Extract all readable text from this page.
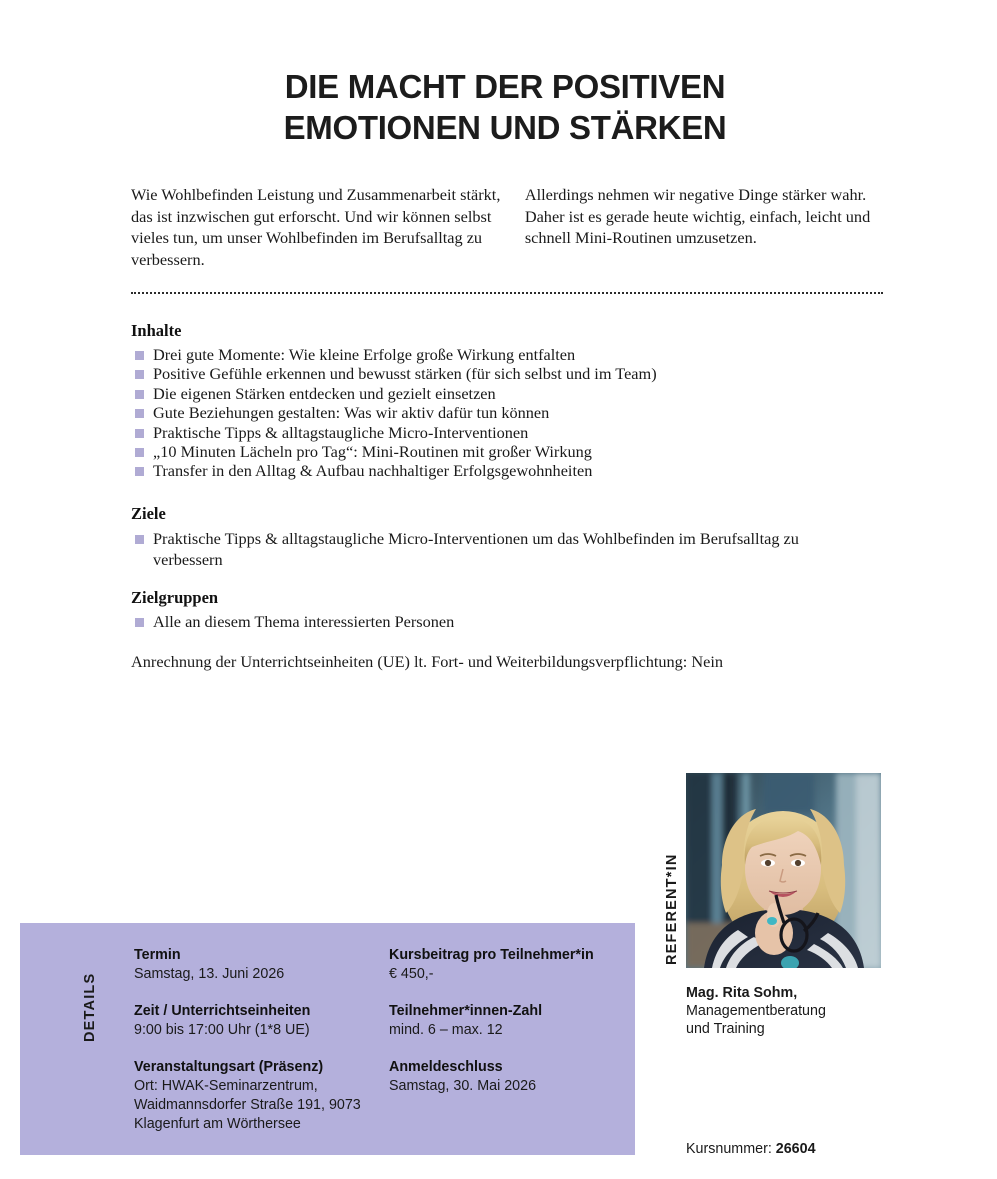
DIE MACHT DER POSITIVEN
EMOTIONEN UND STÄRKEN
Wie Wohlbefinden Leistung und Zusammenarbeit stärkt, das ist inzwischen gut erforscht. Und wir können selbst vieles tun, um unser Wohlbefinden im Berufsalltag zu verbessern.
Allerdings nehmen wir negative Dinge stärker wahr. Daher ist es gerade heute wichtig, einfach, leicht und schnell Mini-Routinen umzusetzen.
Inhalte
Drei gute Momente: Wie kleine Erfolge große Wirkung entfalten
Positive Gefühle erkennen und bewusst stärken (für sich selbst und im Team)
Die eigenen Stärken entdecken und gezielt einsetzen
Gute Beziehungen gestalten: Was wir aktiv dafür tun können
Praktische Tipps & alltagstaugliche Micro-Interventionen
„10 Minuten Lächeln pro Tag“: Mini-Routinen mit großer Wirkung
Transfer in den Alltag & Aufbau nachhaltiger Erfolgsgewohnheiten
Ziele
Praktische Tipps & alltagstaugliche Micro-Interventionen um das Wohlbefinden im Berufsalltag zu verbessern
Zielgruppen
Alle an diesem Thema interessierten Personen
Anrechnung der Unterrichtseinheiten (UE) lt. Fort- und Weiterbildungsverpflichtung: Nein
DETAILS
Termin
Samstag, 13. Juni 2026
Zeit / Unterrichtseinheiten
9:00 bis 17:00 Uhr (1*8 UE)
Veranstaltungsart (Präsenz)
Ort: HWAK-Seminarzentrum, Waidmannsdorfer Straße 191, 9073 Klagenfurt am Wörthersee
Kursbeitrag pro Teilnehmer*in
€ 450,-
Teilnehmer*innen-Zahl
mind. 6 – max. 12
Anmeldeschluss
Samstag, 30. Mai 2026
REFERENT*IN
Mag. Rita Sohm,
Managementberatung
und Training
Kursnummer: 26604
